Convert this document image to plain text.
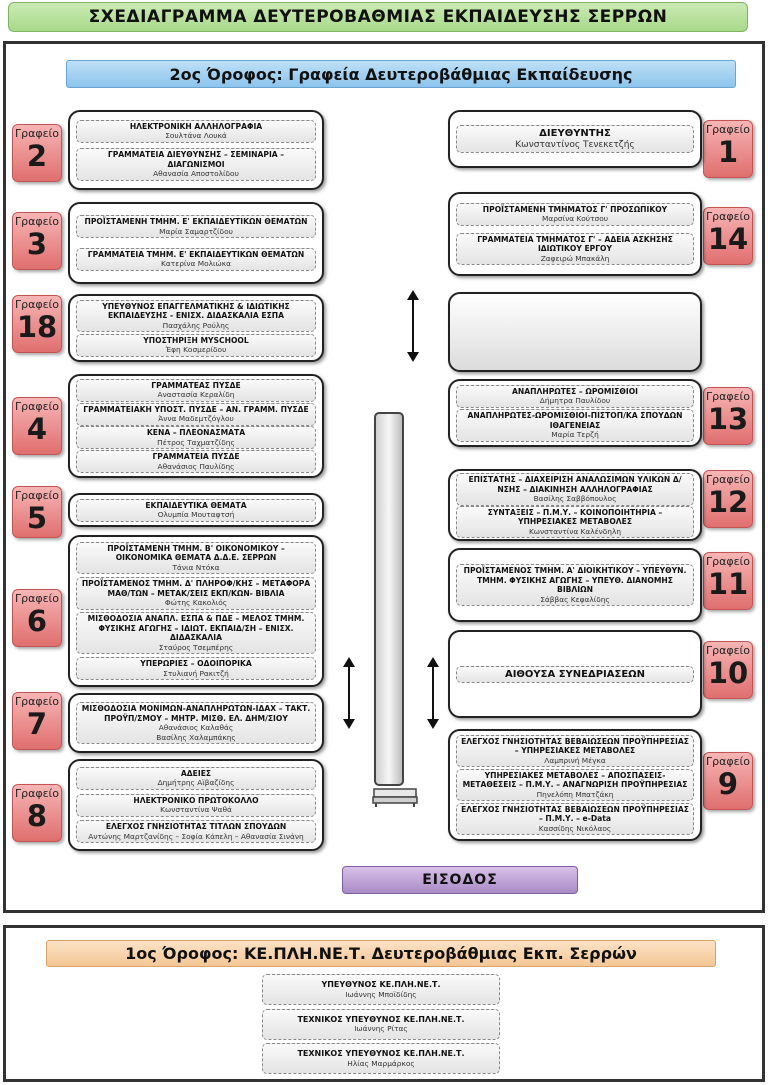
ΣΧΕΔΙΑΓΡΑΜΜΑ ΔΕΥΤΕΡΟΒΑΘΜΙΑΣ ΕΚΠΑΙΔΕΥΣΗΣ ΣΕΡΡΩΝ
2ος Όροφος: Γραφεία Δευτεροβάθμιας Εκπαίδευσης
Γραφείο
2
ΗΛΕΚΤΡΟΝΙΚΗ ΑΛΛΗΛΟΓΡΑΦΙΑ
Σουλτάνα Λουκά
ΓΡΑΜΜΑΤΕΙΑ ΔΙΕΥΘΥΝΣΗΣ – ΣΕΜΙΝΑΡΙΑ – ΔΙΑΓΩΝΙΣΜΟΙ
Αθανασία Αποστολίδου
Γραφείο
3
ΠΡΟΪΣΤΑΜΕΝΗ ΤΜΗΜ. Ε' ΕΚΠΑΙΔΕΥΤΙΚΩΝ ΘΕΜΑΤΩΝ
Μαρία Σαμαρτζίδου
ΓΡΑΜΜΑΤΕΙΑ ΤΜΗΜ. Ε' ΕΚΠΑΙΔΕΥΤΙΚΩΝ ΘΕΜΑΤΩΝ
Κατερίνα Μολιώκα
Γραφείο
18
ΥΠΕΥΘΥΝΟΣ ΕΠΑΓΓΕΛΜΑΤΙΚΗΣ & ΙΔΙΩΤΙΚΗΣ ΕΚΠΑΙΔΕΥΣΗΣ - ΕΝΙΣΧ. ΔΙΔΑΣΚΑΛΙΑ ΕΣΠΑ
Πασχάλης Ρούλης
ΥΠΟΣΤΗΡΙΞΗ MYSCHOOL
Έφη Κοσμερίδου
Γραφείο
4
ΓΡΑΜΜΑΤΕΑΣ ΠΥΣΔΕ
Αναστασία Κεραλίδη
ΓΡΑΜΜΑΤΕΙΑΚΗ ΥΠΟΣΤ. ΠΥΣΔΕ – ΑΝ. ΓΡΑΜΜ. ΠΥΣΔΕ
Άννα Μαδεμτζόγλου
ΚΕΝΑ – ΠΛΕΟΝΑΣΜΑΤΑ
Πέτρος Ταχματζίδης
ΓΡΑΜΜΑΤΕΙΑ ΠΥΣΔΕ
Αθανάσιος Παυλίδης
Γραφείο
5	ΕΚΠΑΙΔΕΥΤΙΚΑ ΘΕΜΑΤΑ
Ολυμπία Μουταφτσή
Γραφείο
6
ΠΡΟΪΣΤΑΜΕΝΗ ΤΜΗΜ. Β' ΟΙΚΟΝΟΜΙΚΟΥ – ΟΙΚΟΝΟΜΙΚΑ ΘΕΜΑΤΑ Δ.Δ.Ε. ΣΕΡΡΩΝ
Τάνια Ντόκα
ΠΡΟΪΣΤΑΜΕΝΟΣ ΤΜΗΜ. Δ' ΠΛΗΡΟΦ/ΚΗΣ – ΜΕΤΑΦΟΡΑ ΜΑΘ/ΤΩΝ – ΜΕΤΑΚ/ΣΕΙΣ ΕΚΠ/ΚΩΝ- ΒΙΒΛΙΑ
Φώτης Κακολιός
ΜΙΣΘΟΔΟΣΙΑ ΑΝΑΠΛ. ΕΣΠΑ & ΠΔΕ – ΜΕΛΟΣ ΤΜΗΜ. ΦΥΣΙΚΗΣ ΑΓΩΓΗΣ – ΙΔΙΩΤ. ΕΚΠΑΙΔ/ΣΗ – ΕΝΙΣΧ. ΔΙΔΑΣΚΑΛΙΑ
Σταύρος Τσεμπέρης
ΥΠΕΡΩΡΙΕΣ – ΟΔΟΙΠΟΡΙΚΑ
Στυλιανή Ρακιτζή
Γραφείο
7	ΜΙΣΘΟΔΟΣΙΑ ΜΟΝΙΜΩΝ-ΑΝΑΠΛΗΡΩΤΩΝ-ΙΔΑΧ – ΤΑΚΤ. ΠΡΟΫΠ/ΣΜΟΥ – ΜΗΤΡ. ΜΙΣΘ. ΕΛ. ΔΗΜ/ΣΙΟΥ
Αθανάσιος Καλαθάς
Βασίλης Χαλαμπάκης
Γραφείο
8
ΑΔΕΙΕΣ
Δημήτρης Αϊβαζίδης
ΗΛΕΚΤΡΟΝΙΚΟ ΠΡΩΤΟΚΟΛΛΟ
Κωνσταντίνα Ψαθά
ΕΛΕΓΧΟΣ ΓΝΗΣΙΟΤΗΤΑΣ ΤΙΤΛΩΝ ΣΠΟΥΔΩΝ
Αντώνης Μαρτζανίδης – Σοφία Κάπελη – Αθανασία Σινάνη
Γραφείο
1
ΔΙΕΥΘΥΝΤΗΣ
Κωνσταντίνος Τενεκετζής
Γραφείο
14
ΠΡΟΪΣΤΑΜΕΝΗ ΤΜΗΜΑΤΟΣ Γ' ΠΡΟΣΩΠΙΚΟΥ
Μαρσίνα Κούτσου
ΓΡΑΜΜΑΤΕΙΑ ΤΜΗΜΑΤΟΣ Γ' – ΑΔΕΙΑ ΑΣΚΗΣΗΣ ΙΔΙΩΤΙΚΟΥ ΕΡΓΟΥ
Ζαφειρώ Μπακάλη
Γραφείο
13
ΑΝΑΠΛΗΡΩΤΕΣ – ΩΡΟΜΙΣΘΙΟΙ
Δήμητρα Παυλίδου
ΑΝΑΠΛΗΡΩΤΕΣ-ΩΡΟΜΙΣΘΙΟΙ-ΠΙΣΤΟΠ/ΚΑ ΣΠΟΥΔΩΝ ΙΘΑΓΕΝΕΙΑΣ
Μαρία Τερζή
Γραφείο
12
ΕΠΙΣΤΑΤΗΣ – ΔΙΑΧΕΙΡΙΣΗ ΑΝΑΛΩΣΙΜΩΝ ΥΛΙΚΩΝ Δ/ΝΣΗΣ – ΔΙΑΚΙΝΗΣΗ ΑΛΛΗΛΟΓΡΑΦΙΑΣ
Βασίλης Σαββόπουλος
ΣΥΝΤΑΞΕΙΣ – Π.Μ.Υ. – ΚΟΙΝΟΠΟΙΗΤΗΡΙΑ – ΥΠΗΡΕΣΙΑΚΕΣ ΜΕΤΑΒΟΛΕΣ
Κωνσταντίνα Καλένδηλη
Γραφείο
11
ΠΡΟΪΣΤΑΜΕΝΟΣ ΤΜΗΜ. Α' ΔΙΟΙΚΗΤΙΚΟΥ – ΥΠΕΥΘΥΝ. ΤΜΗΜ. ΦΥΣΙΚΗΣ ΑΓΩΓΗΣ – ΥΠΕΥΘ. ΔΙΑΝΟΜΗΣ ΒΙΒΛΙΩΝ
Σάββας Κεφαλίδης
Γραφείο
10
ΑΙΘΟΥΣΑ ΣΥΝΕΔΡΙΑΣΕΩΝ
Γραφείο
9
ΕΛΕΓΧΟΣ ΓΝΗΣΙΟΤΗΤΑΣ ΒΕΒΑΙΩΣΕΩΝ ΠΡΟΫΠΗΡΕΣΙΑΣ – ΥΠΗΡΕΣΙΑΚΕΣ ΜΕΤΑΒΟΛΕΣ
Λαμπρινή Μέγκα
ΥΠΗΡΕΣΙΑΚΕΣ ΜΕΤΑΒΟΛΕΣ – ΑΠΟΣΠΑΣΕΙΣ- ΜΕΤΑΘΕΣΕΙΣ – Π.Μ.Υ. – ΑΝΑΓΝΩΡΙΣΗ ΠΡΟΫΠΗΡΕΣΙΑΣ
Πηνελόπη Μπατζάκη
ΕΛΕΓΧΟΣ ΓΝΗΣΙΟΤΗΤΑΣ ΒΕΒΑΙΩΣΕΩΝ ΠΡΟΫΠΗΡΕΣΙΑΣ – Π.Μ.Υ. – e-Data
Κασσίδης Νικόλαος
ΕΙΣΟΔΟΣ
1ος Όροφος: ΚΕ.ΠΛΗ.ΝΕ.Τ. Δευτεροβάθμιας Εκπ. Σερρών
ΥΠΕΥΘΥΝΟΣ ΚΕ.ΠΛΗ.ΝΕ.Τ.
Ιωάννης Μποϊδίδης
ΤΕΧΝΙΚΟΣ ΥΠΕΥΘΥΝΟΣ ΚΕ.ΠΛΗ.ΝΕ.Τ.
Ιωάννης Ρίτας
ΤΕΧΝΙΚΟΣ ΥΠΕΥΘΥΝΟΣ ΚΕ.ΠΛΗ.ΝΕ.Τ.
Ηλίας Μαρμάρκος
